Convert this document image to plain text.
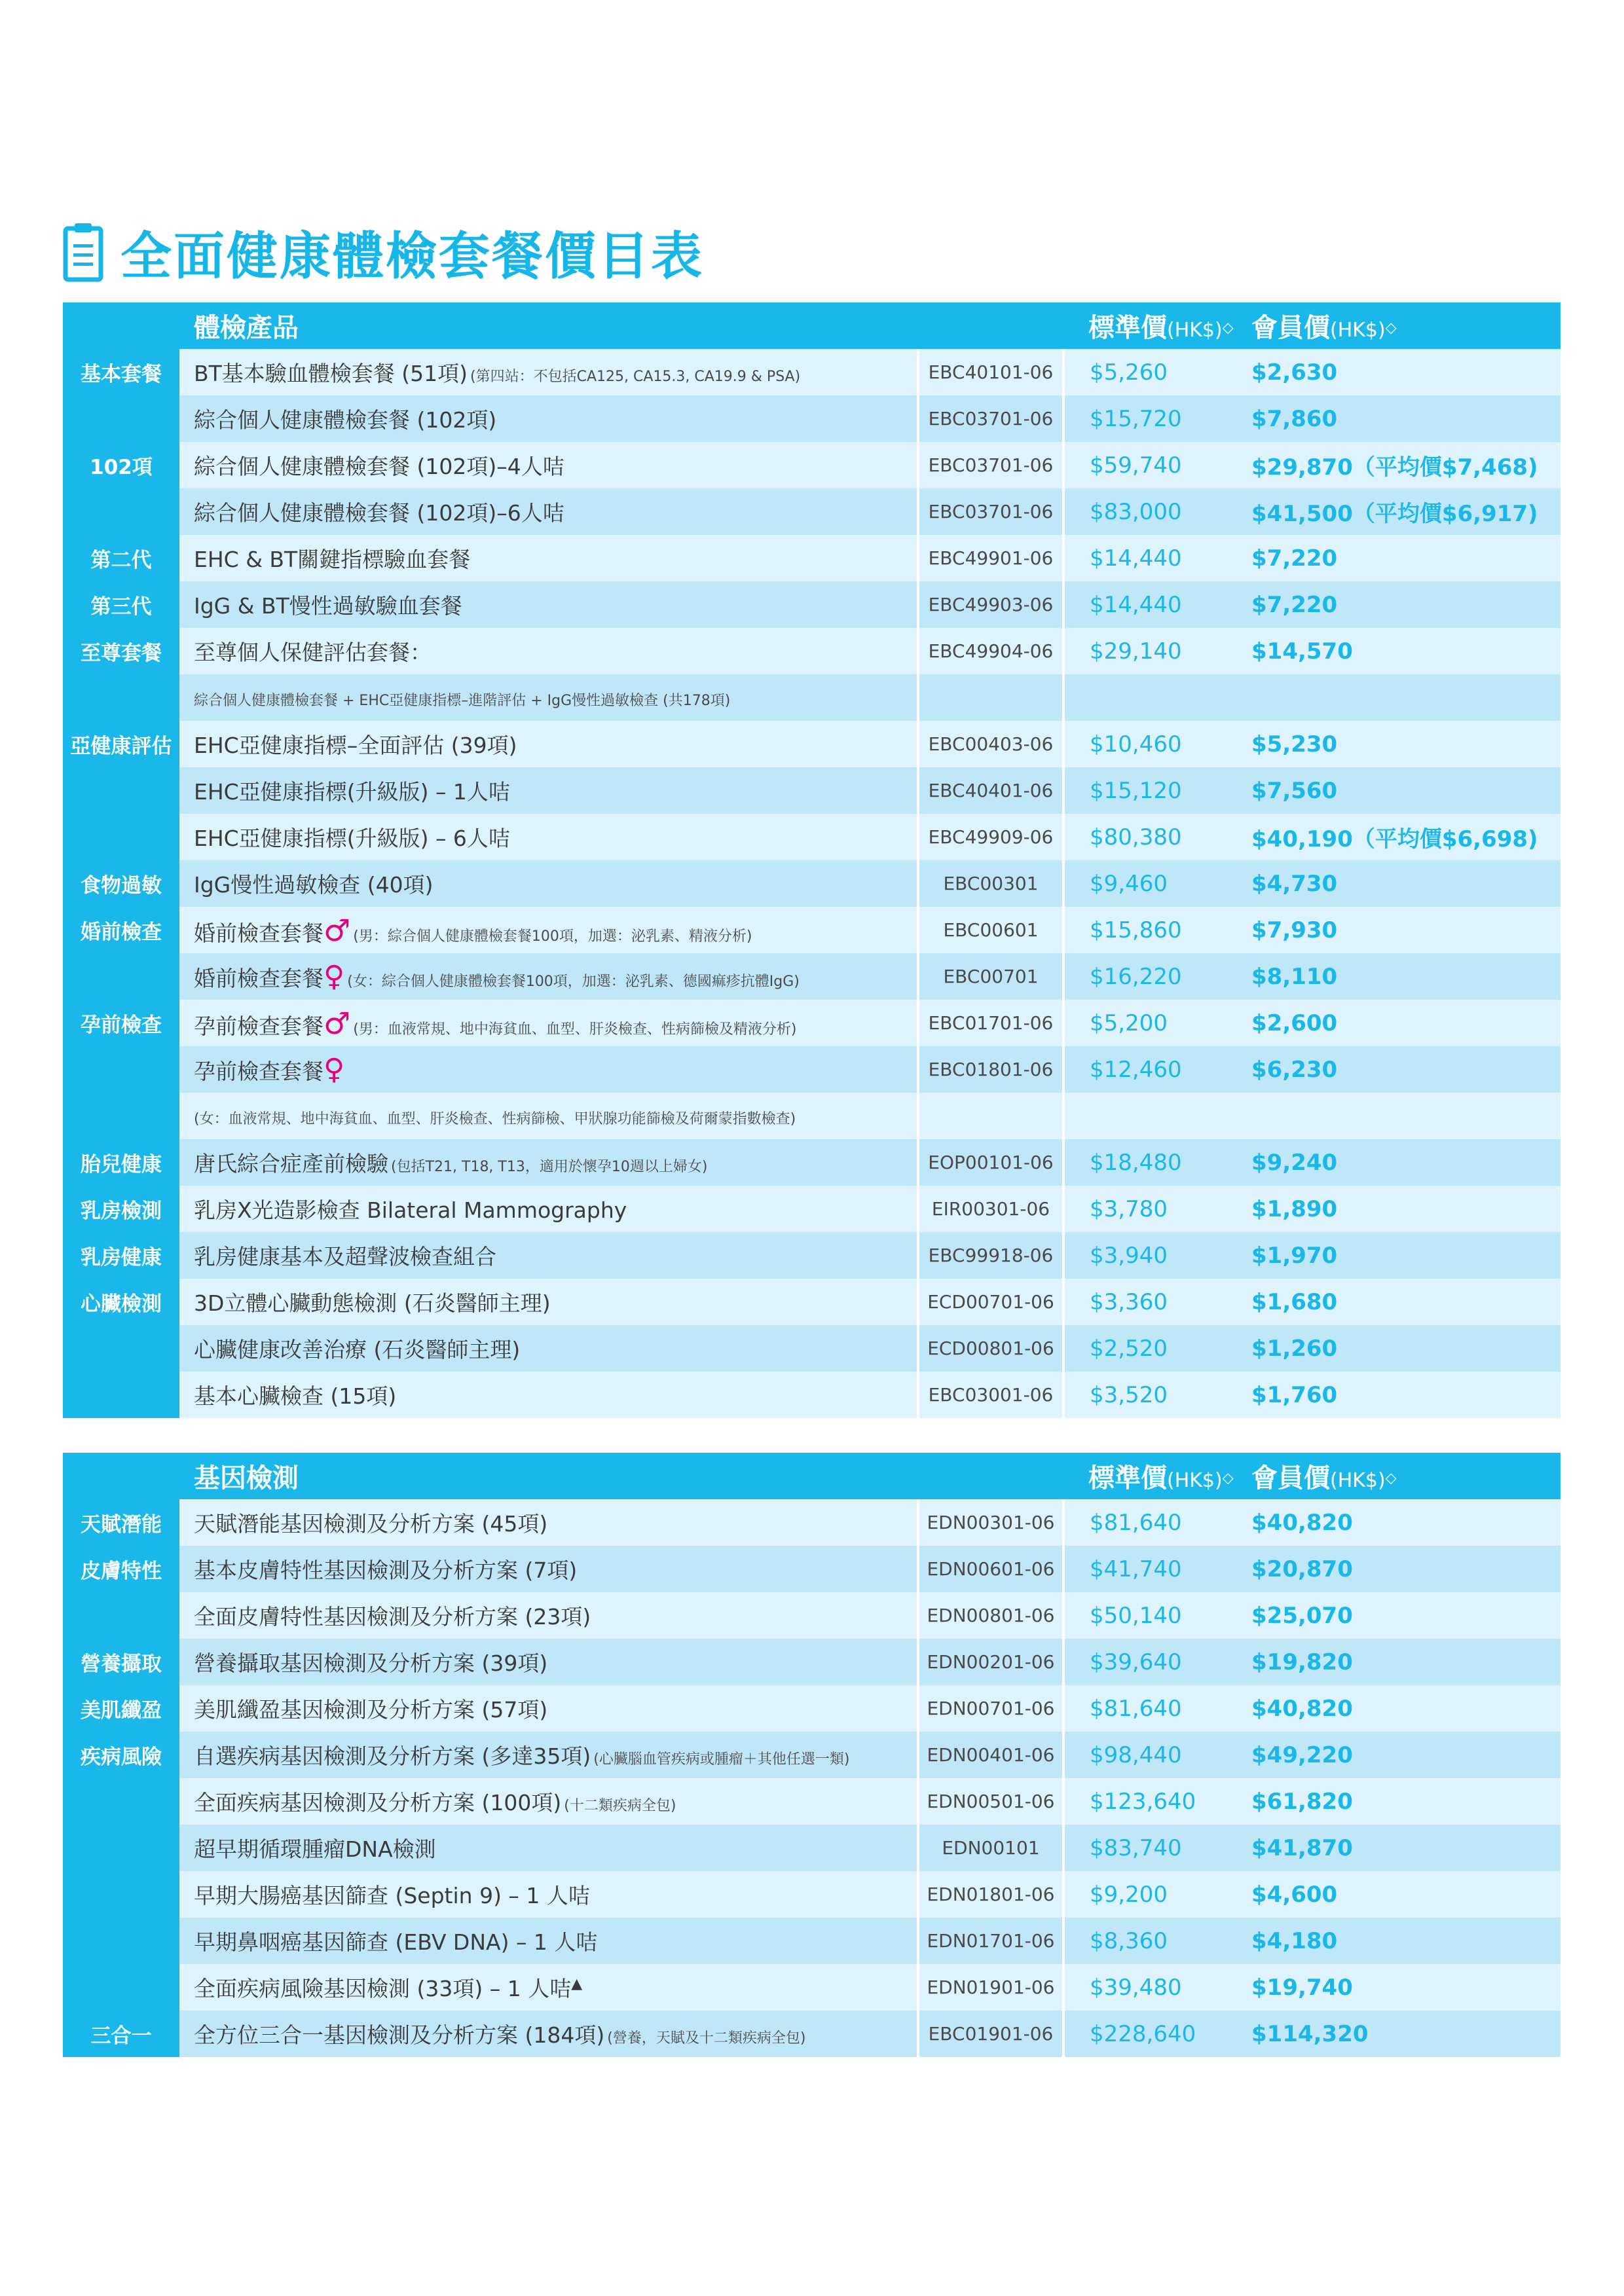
全面健康體檢套餐價目表
	體檢產品		標準價(HK$)◇	會員價(HK$)◇
基本套餐	BT基本驗血體檢套餐 (51項) (第四站：不包括CA125, CA15.3, CA19.9 & PSA)	EBC40101-06	$5,260	$2,630
	綜合個人健康體檢套餐 (102項)	EBC03701-06	$15,720	$7,860
102項	綜合個人健康體檢套餐 (102項)–4人咭	EBC03701-06	$59,740	$29,870（平均價$7,468)
	綜合個人健康體檢套餐 (102項)–6人咭	EBC03701-06	$83,000	$41,500（平均價$6,917)
第二代	EHC & BT關鍵指標驗血套餐	EBC49901-06	$14,440	$7,220
第三代	IgG & BT慢性過敏驗血套餐	EBC49903-06	$14,440	$7,220
至尊套餐	至尊個人保健評估套餐：	EBC49904-06	$29,140	$14,570
	綜合個人健康體檢套餐 + EHC亞健康指標–進階評估 + IgG慢性過敏檢查 (共178項)			
亞健康評估	EHC亞健康指標–全面評估 (39項)	EBC00403-06	$10,460	$5,230
	EHC亞健康指標(升級版) – 1人咭	EBC40401-06	$15,120	$7,560
	EHC亞健康指標(升級版) – 6人咭	EBC49909-06	$80,380	$40,190（平均價$6,698)
食物過敏	IgG慢性過敏檢查 (40項)	EBC00301	$9,460	$4,730
婚前檢查	婚前檢查套餐♂ (男：綜合個人健康體檢套餐100項，加選：泌乳素、精液分析)	EBC00601	$15,860	$7,930
	婚前檢查套餐♀ (女：綜合個人健康體檢套餐100項，加選：泌乳素、德國痲疹抗體IgG)	EBC00701	$16,220	$8,110
孕前檢查	孕前檢查套餐♂ (男：血液常規、地中海貧血、血型、肝炎檢查、性病篩檢及精液分析)	EBC01701-06	$5,200	$2,600
	孕前檢查套餐♀	EBC01801-06	$12,460	$6,230
	(女：血液常規、地中海貧血、血型、肝炎檢查、性病篩檢、甲狀腺功能篩檢及荷爾蒙指數檢查)			
胎兒健康	唐氏綜合症產前檢驗 (包括T21, T18, T13，適用於懷孕10週以上婦女)	EOP00101-06	$18,480	$9,240
乳房檢測	乳房X光造影檢查 Bilateral Mammography	EIR00301-06	$3,780	$1,890
乳房健康	乳房健康基本及超聲波檢查組合	EBC99918-06	$3,940	$1,970
心臟檢測	3D立體心臟動態檢測 (石炎醫師主理)	ECD00701-06	$3,360	$1,680
	心臟健康改善治療 (石炎醫師主理)	ECD00801-06	$2,520	$1,260
	基本心臟檢查 (15項)	EBC03001-06	$3,520	$1,760
	基因檢測		標準價(HK$)◇	會員價(HK$)◇
天賦潛能	天賦潛能基因檢測及分析方案 (45項)	EDN00301-06	$81,640	$40,820
皮膚特性	基本皮膚特性基因檢測及分析方案 (7項)	EDN00601-06	$41,740	$20,870
	全面皮膚特性基因檢測及分析方案 (23項)	EDN00801-06	$50,140	$25,070
營養攝取	營養攝取基因檢測及分析方案 (39項)	EDN00201-06	$39,640	$19,820
美肌纖盈	美肌纖盈基因檢測及分析方案 (57項)	EDN00701-06	$81,640	$40,820
疾病風險	自選疾病基因檢測及分析方案 (多達35項) (心臟腦血管疾病或腫瘤＋其他任選一類)	EDN00401-06	$98,440	$49,220
	全面疾病基因檢測及分析方案 (100項) (十二類疾病全包)	EDN00501-06	$123,640	$61,820
	超早期循環腫瘤DNA檢測	EDN00101	$83,740	$41,870
	早期大腸癌基因篩查 (Septin 9) – 1 人咭	EDN01801-06	$9,200	$4,600
	早期鼻咽癌基因篩查 (EBV DNA) – 1 人咭	EDN01701-06	$8,360	$4,180
	全面疾病風險基因檢測 (33項) – 1 人咭▲	EDN01901-06	$39,480	$19,740
三合一	全方位三合一基因檢測及分析方案 (184項) (營養，天賦及十二類疾病全包)	EBC01901-06	$228,640	$114,320
